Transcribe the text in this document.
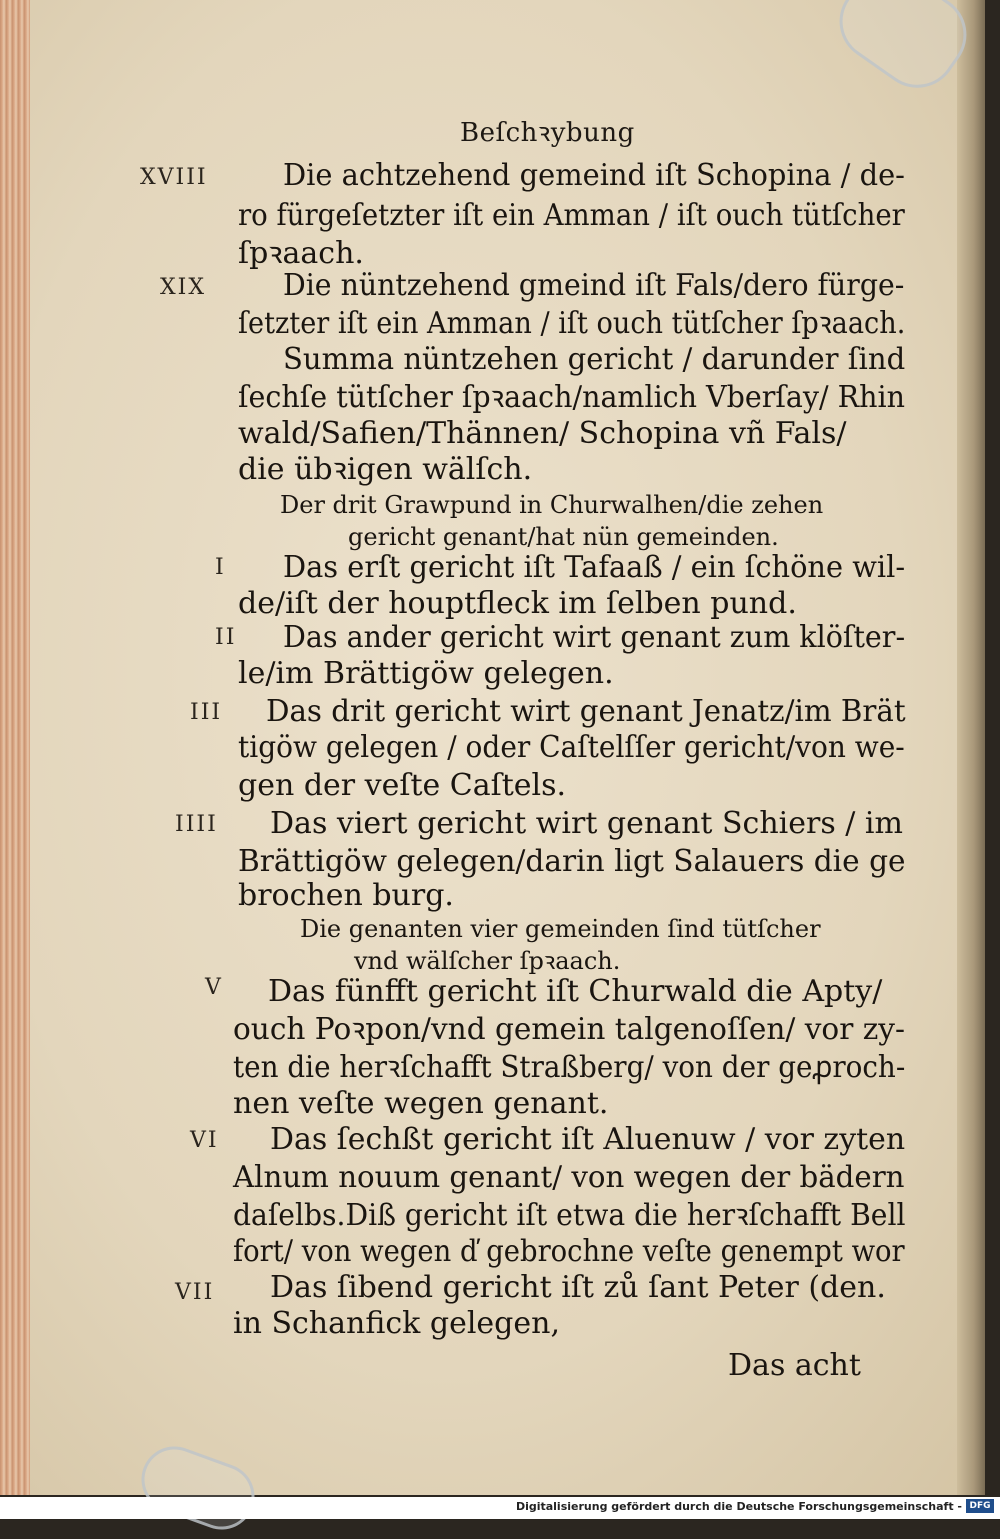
Beſchꝛybung
XVIII
XIX
I
II
III
IIII
V
VI
VII
Die achtzehend gemeind iſt Schopina / de-
ro fürgeſetzter iſt ein Amman / iſt ouch tütſcher
ſpꝛaach.
Die nüntzehend gmeind iſt Fals/dero fürge-
ſetzter iſt ein Amman / iſt ouch tütſcher ſpꝛaach.
Summa nüntzehen gericht / darunder ſind
ſechſe tütſcher ſpꝛaach/namlich Vberſay/ Rhin
wald/Safien/Thännen/ Schopina vñ Fals/
die übꝛigen wälſch.
Der drit Grawpund in Churwalhen/die zehen
gericht genant/hat nün gemeinden.
Das erſt gericht iſt Tafaaß / ein ſchöne wil-
de/iſt der houptfleck im ſelben pund.
Das ander gericht wirt genant zum klöſter-
le/im Brättigöw gelegen.
Das drit gericht wirt genant Jenatz/im Brät
tigöw gelegen / oder Caſtelſſer gericht/von we-
gen der veſte Caſtels.
Das viert gericht wirt genant Schiers / im
Brättigöw gelegen/darin ligt Salauers die ge
brochen burg.
Die genanten vier gemeinden ſind tütſcher
vnd wälſcher ſpꝛaach.
Das fünfft gericht iſt Churwald die Apty/
ouch Poꝛpon/vnd gemein talgenoſſen/ vor zy-
ten die herꝛſchafft Straßberg/ von der geꝓroch-
nen veſte wegen genant.
Das ſechßt gericht iſt Aluenuw / vor zyten
Alnum nouum genant/ von wegen der bädern
daſelbs.Diß gericht iſt etwa die herꝛſchafft Bell
fort/ von wegen ď gebrochne veſte genempt wor
Das ſibend gericht iſt zů ſant Peter (den.
in Schanfick gelegen,
Das acht
Digitalisierung gefördert durch die Deutsche Forschungsgemeinschaft - DFG
